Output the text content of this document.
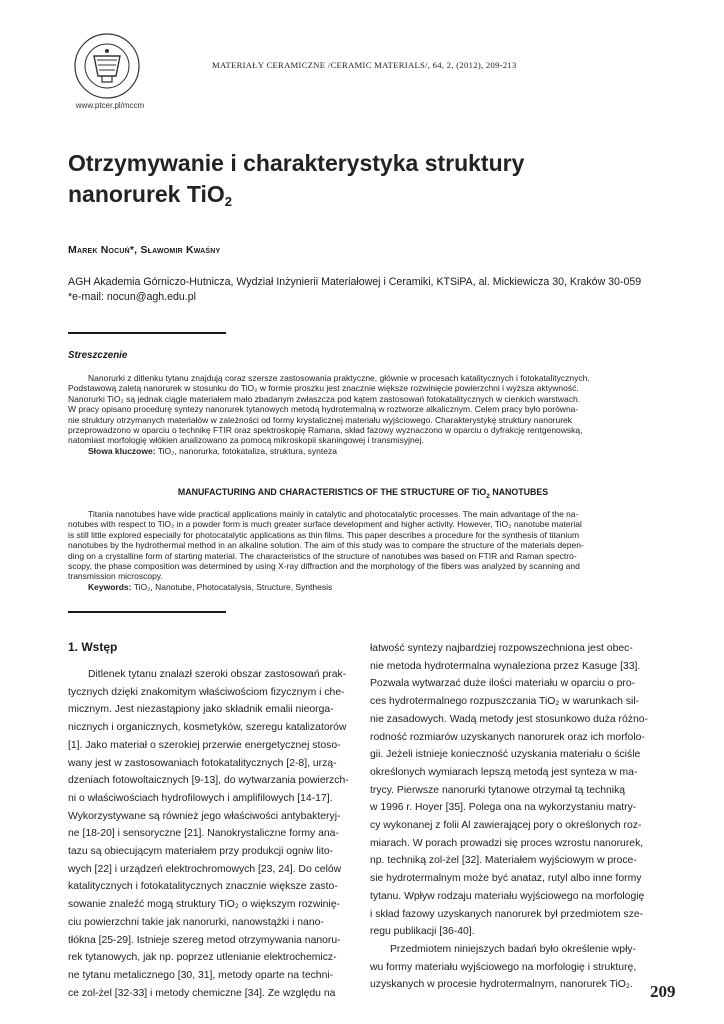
www.ptcer.pl/mccm
MATERIAŁY CERAMICZNE /CERAMIC MATERIALS/, 64, 2, (2012), 209-213
Otrzymywanie i charakterystyka struktury
nanorurek TiO$_2$
Marek Nocuń*, Sławomir Kwaśny
AGH Akademia Górniczo-Hutnicza, Wydział Inżynierii Materiałowej i Ceramiki, KTSiPA, al. Mickiewicza 30, Kraków 30-059
*e-mail: nocun@agh.edu.pl
Streszczenie
Nanorurki z ditlenku tytanu znajdują coraz szersze zastosowania praktyczne, głównie w procesach katalitycznych i fotokatalitycznych.
Podstawową zaletą nanorurek w stosunku do TiO₂ w formie proszku jest znacznie większe rozwinięcie powierzchni i wyższa aktywność.
Nanorurki TiO₂ są jednak ciągle materiałem mało zbadanym zwłaszcza pod kątem zastosowań fotokatalitycznych w cienkich warstwach.
W pracy opisano procedurę syntezy nanorurek tytanowych metodą hydrotermalną w roztworze alkalicznym. Celem pracy było porówna-
nie struktury otrzymanych materiałów w zależności od formy krystalicznej materiału wyjściowego. Charakterystykę struktury nanorurek
przeprowadzono w oparciu o technikę FTIR oraz spektroskopię Ramana, skład fazowy wyznaczono w oparciu o dyfrakcję rentgenowską,
natomiast morfologię włókien analizowano za pomocą mikroskopii skaningowej i transmisyjnej.
Słowa kluczowe: TiO₂, nanorurka, fotokataliza, struktura, synteza
MANUFACTURING AND CHARACTERISTICS OF THE STRUCTURE OF TiO$_2$ NANOTUBES
Titania nanotubes have wide practical applications mainly in catalytic and photocatalytic processes. The main advantage of the na-
notubes with respect to TiO₂ in a powder form is much greater surface development and higher activity. However, TiO₂ nanotube material
is still little explored especially for photocatalytic applications as thin films. This paper describes a procedure for the synthesis of titanium
nanotubes by the hydrothermal method in an alkaline solution. The aim of this study was to compare the structure of the materials depen-
ding on a crystalline form of starting material. The characteristics of the structure of nanotubes was based on FTIR and Raman spectro-
scopy, the phase composition was determined by using X-ray diffraction and the morphology of the fibers was analyzed by scanning and
transmission microscopy.
Keywords: TiO₂, Nanotube, Photocatalysis, Structure, Synthesis
1. Wstęp
Ditlenek tytanu znalazł szeroki obszar zastosowań prak-
tycznych dzięki znakomitym właściwościom fizycznym i che-
micznym. Jest niezastąpiony jako składnik emalii nieorga-
nicznych i organicznych, kosmetyków, szeregu katalizatorów
[1]. Jako materiał o szerokiej przerwie energetycznej stoso-
wany jest w zastosowaniach fotokatalitycznych [2-8], urzą-
dzeniach fotowoltaicznych [9-13], do wytwarzania powierzch-
ni o właściwościach hydrofilowych i amplifilowych [14-17].
Wykorzystywane są również jego właściwości antybakteryj-
ne [18-20] i sensoryczne [21]. Nanokrystaliczne formy ana-
tazu są obiecującym materiałem przy produkcji ogniw lito-
wych [22] i urządzeń elektrochromowych [23, 24]. Do celów
katalitycznych i fotokatalitycznych znacznie większe zasto-
sowanie znaleźć mogą struktury TiO₂ o większym rozwinię-
ciu powierzchni takie jak nanorurki, nanowstążki i nano-
tłókna [25-29]. Istnieje szereg metod otrzymywania nanoru-
rek tytanowych, jak np. poprzez utlenianie elektrochemicz-
ne tytanu metalicznego [30, 31], metody oparte na techni-
ce zol-żel [32-33] i metody chemiczne [34]. Ze względu na
łatwość syntezy najbardziej rozpowszechniona jest obec-
nie metoda hydrotermalna wynaleziona przez Kasuge [33].
Pozwala wytwarzać duże ilości materiału w oparciu o pro-
ces hydrotermalnego rozpuszczania TiO₂ w warunkach sil-
nie zasadowych. Wadą metody jest stosunkowo duża różno-
rodność rozmiarów uzyskanych nanorurek oraz ich morfolo-
gii. Jeżeli istnieje konieczność uzyskania materiału o ściśle
określonych wymiarach lepszą metodą jest synteza w ma-
trycy. Pierwsze nanorurki tytanowe otrzymał tą techniką
w 1996 r. Hoyer [35]. Polega ona na wykorzystaniu matry-
cy wykonanej z folii Al zawierającej pory o określonych roz-
miarach. W porach prowadzi się proces wzrostu nanorurek,
np. techniką zol-żel [32]. Materiałem wyjściowym w proce-
sie hydrotermalnym może być anataz, rutyl albo inne formy
tytanu. Wpływ rodzaju materiału wyjściowego na morfologię
i skład fazowy uzyskanych nanorurek był przedmiotem sze-
regu publikacji [36-40].
Przedmiotem niniejszych badań było określenie wpły-
wu formy materiału wyjściowego na morfologię i strukturę,
uzyskanych w procesie hydrotermalnym, nanorurek TiO₂.	209
